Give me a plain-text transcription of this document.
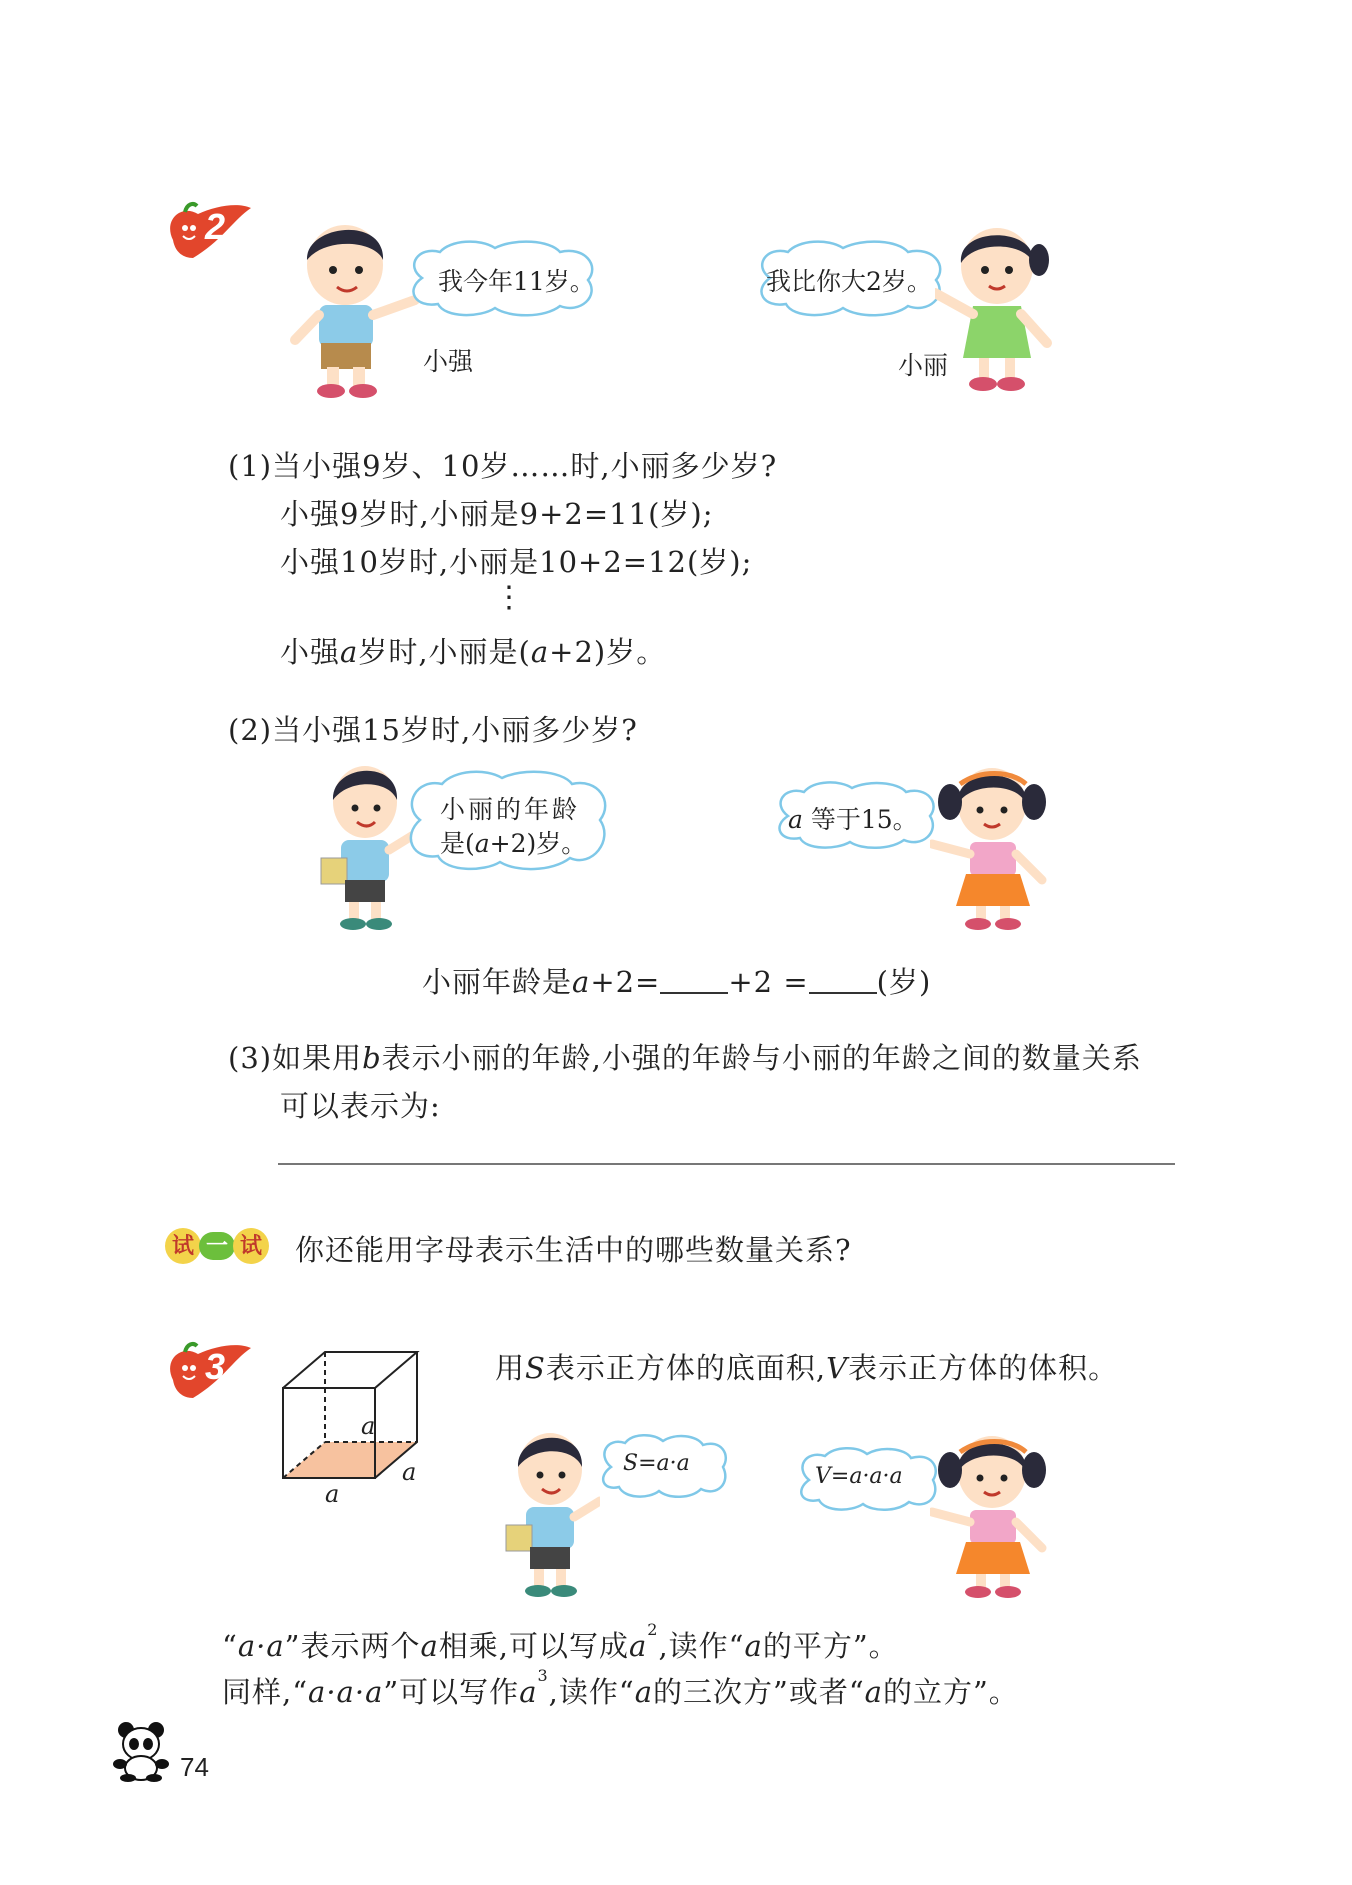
2
我今年11岁。
小强
我比你大2岁。
小丽
(1)当小强9岁、10岁……时,小丽多少岁?
小强9岁时,小丽是9+2=11(岁);
小强10岁时,小丽是10+2=12(岁);
⋮
小强a岁时,小丽是(a+2)岁。
(2)当小强15岁时,小丽多少岁?
小丽的年龄
是(a+2)岁。
a 等于15。
小丽年龄是a+2= +2 = (岁)
(3)如果用b表示小丽的年龄,小强的年龄与小丽的年龄之间的数量关系
可以表示为:
试 一 试 你还能用字母表示生活中的哪些数量关系?
3
a
a
a
用S表示正方体的底面积,V表示正方体的体积。
S=a·a
V=a·a·a
“a·a”表示两个a相乘,可以写成$a^2$,读作“a的平方”。
同样,“a·a·a”可以写作$a^3$,读作“a的三次方”或者“a的立方”。
74
